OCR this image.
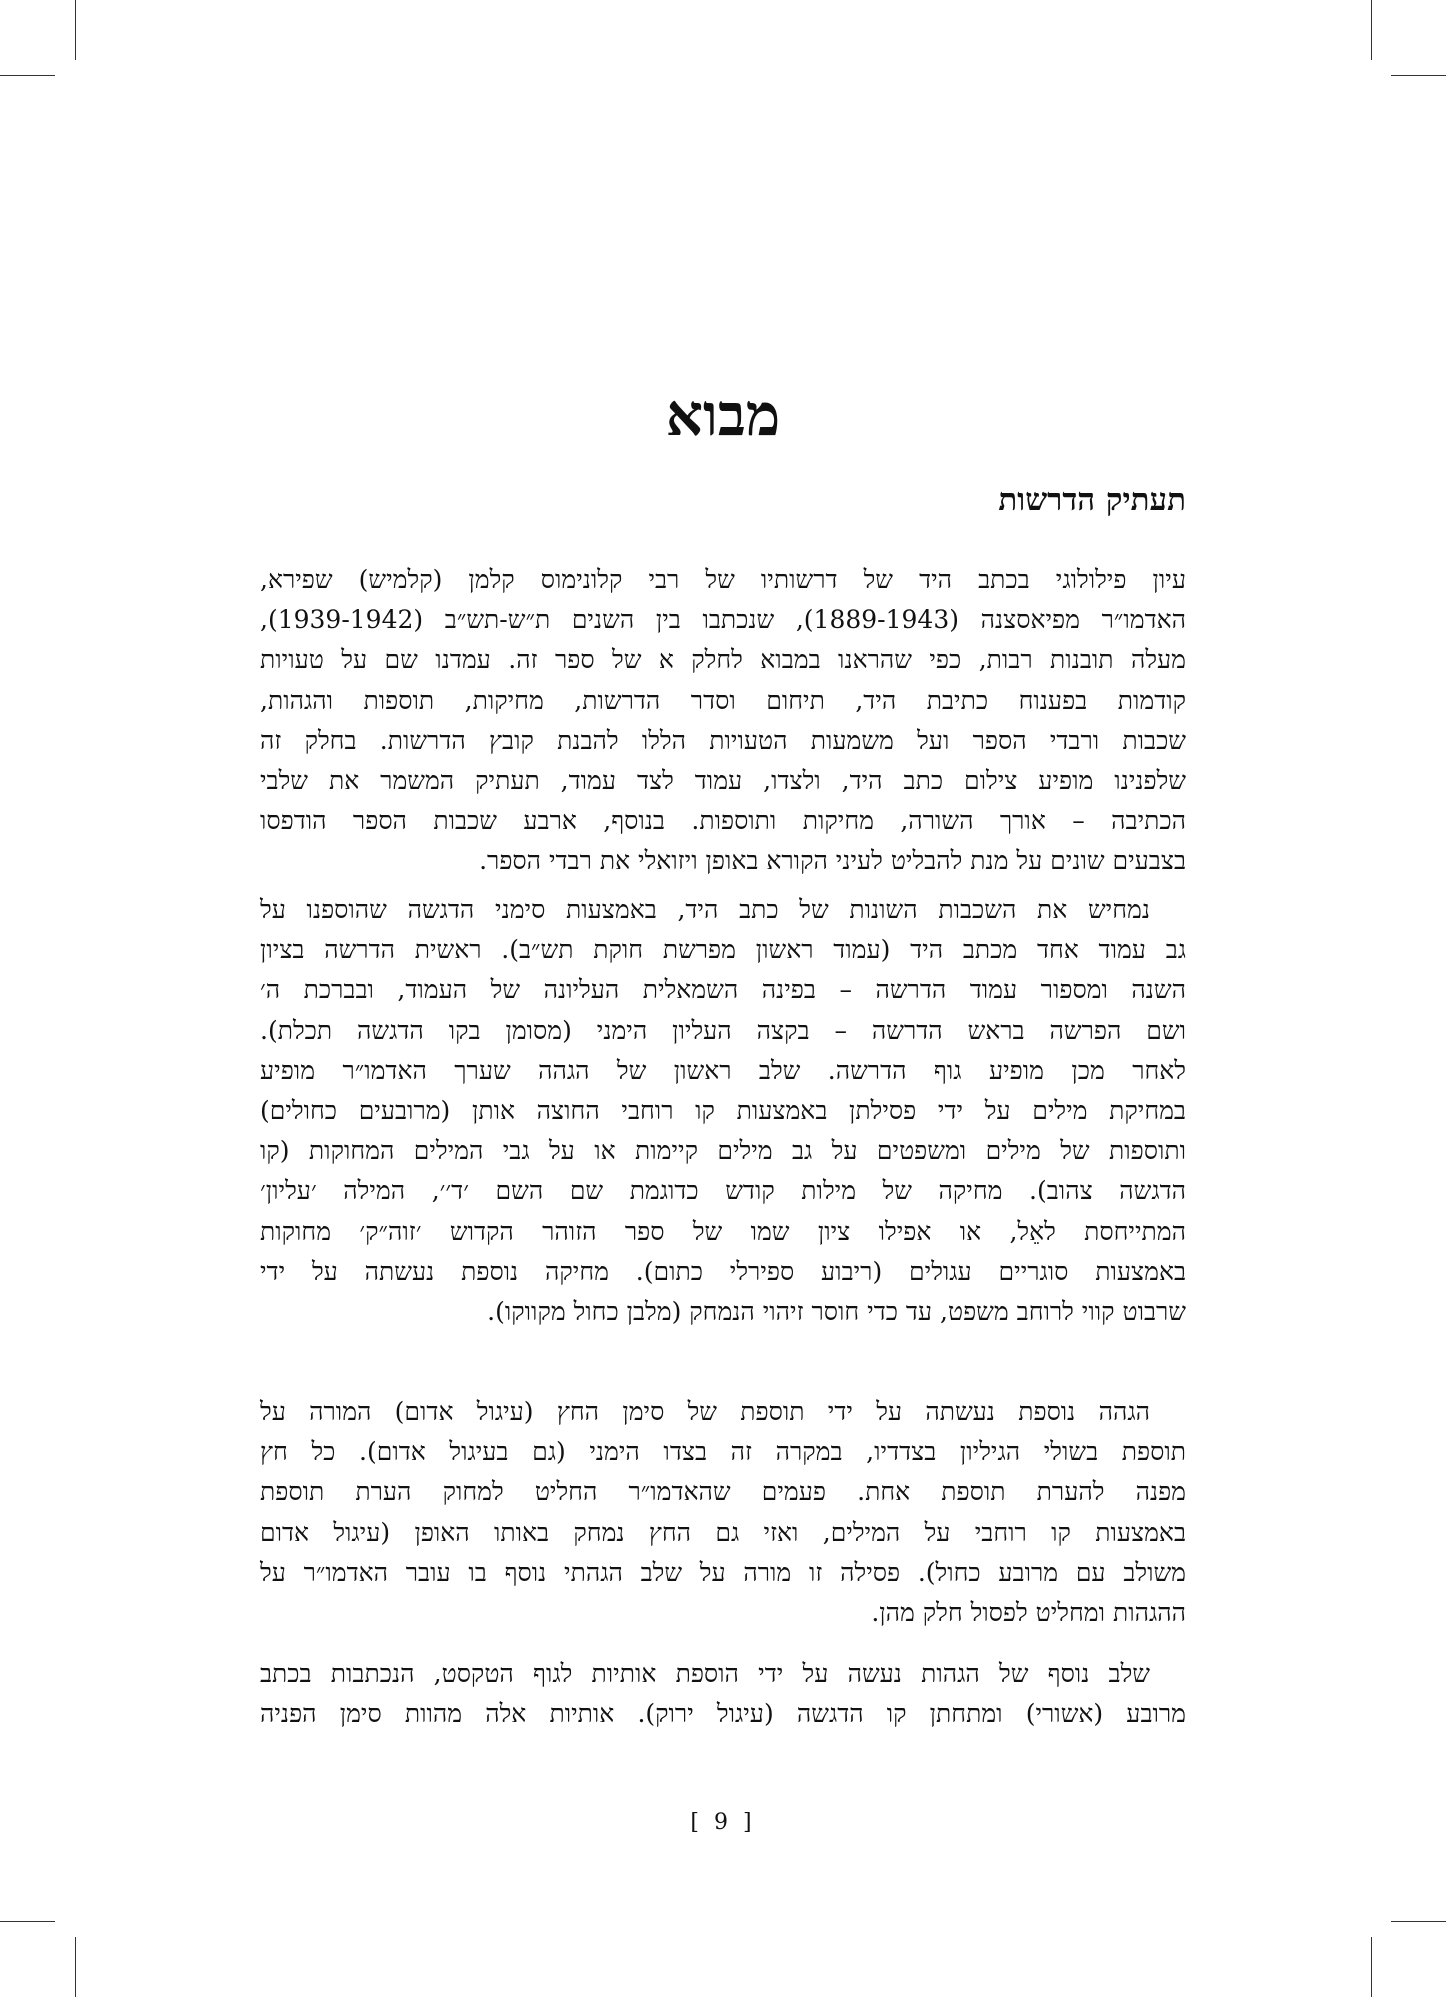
מבוא
תעתיק הדרשות

עיון פילולוגי בכתב היד של דרשותיו של רבי קלונימוס קלמן (קלמיש) שפירא,
האדמו״ר מפיאסצנה (1889-1943), שנכתבו בין השנים ת״ש-תש״ב (1939-1942),
מעלה תובנות רבות, כפי שהראנו במבוא לחלק א של ספר זה. עמדנו שם על טעויות
קודמות בפענוח כתיבת היד, תיחום וסדר הדרשות, מחיקות, תוספות והגהות,
שכבות ורבדי הספר ועל משמעות הטעויות הללו להבנת קובץ הדרשות. בחלק זה
שלפנינו מופיע צילום כתב היד, ולצדו, עמוד לצד עמוד, תעתיק המשמר את שלבי
הכתיבה – אורך השורה, מחיקות ותוספות. בנוסף, ארבע שכבות הספר הודפסו
בצבעים שונים על מנת להבליט לעיני הקורא באופן ויזואלי את רבדי הספר.

נמחיש את השכבות השונות של כתב היד, באמצעות סימני הדגשה שהוספנו על
גב עמוד אחד מכתב היד (עמוד ראשון מפרשת חוקת תש״ב). ראשית הדרשה בציון
השנה ומספור עמוד הדרשה – בפינה השמאלית העליונה של העמוד, ובברכת ה׳
ושם הפרשה בראש הדרשה – בקצה העליון הימני (מסומן בקו הדגשה תכלת).
לאחר מכן מופיע גוף הדרשה. שלב ראשון של הגהה שערך האדמו״ר מופיע
במחיקת מילים על ידי פסילתן באמצעות קו רוחבי החוצה אותן (מרובעים כחולים)
ותוספות של מילים ומשפטים על גב מילים קיימות או על גבי המילים המחוקות (קו
הדגשה צהוב). מחיקה של מילות קודש כדוגמת שם השם ׳ד׳׳, המילה ׳עליון׳
המתייחסת לאֵל, או אפילו ציון שמו של ספר הזוהר הקדוש ׳זוה״ק׳ מחוקות
באמצעות סוגריים עגולים (ריבוע ספירלי כתום). מחיקה נוספת נעשתה על ידי
שרבוט קווי לרוחב משפט, עד כדי חוסר זיהוי הנמחק (מלבן כחול מקווקו).

הגהה נוספת נעשתה על ידי תוספת של סימן החץ (עיגול אדום) המורה על
תוספת בשולי הגיליון בצדדיו, במקרה זה בצדו הימני (גם בעיגול אדום). כל חץ
מפנה להערת תוספת אחת. פעמים שהאדמו״ר החליט למחוק הערת תוספת
באמצעות קו רוחבי על המילים, ואזי גם החץ נמחק באותו האופן (עיגול אדום
משולב עם מרובע כחול). פסילה זו מורה על שלב הגהתי נוסף בו עובר האדמו״ר על
ההגהות ומחליט לפסול חלק מהן.

שלב נוסף של הגהות נעשה על ידי הוספת אותיות לגוף הטקסט, הנכתבות בכתב
מרובע (אשורי) ומתחתן קו הדגשה (עיגול ירוק). אותיות אלה מהוות סימן הפניה

[ 9 ]
